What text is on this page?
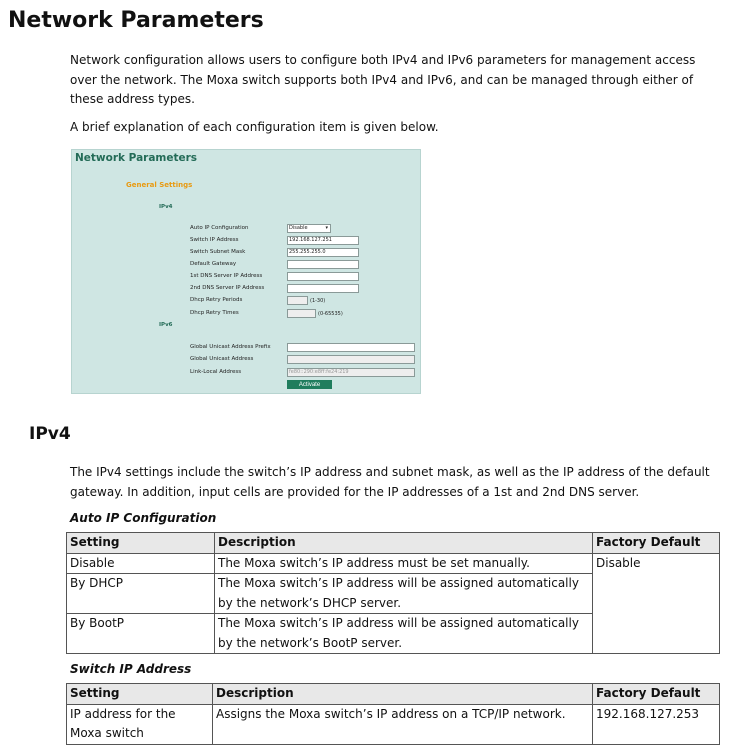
Network Parameters

Network configuration allows users to configure both IPv4 and IPv6 parameters for management access over the network. The Moxa switch supports both IPv4 and IPv6, and can be managed through either of these address types.

A brief explanation of each configuration item is given below.

Network Parameters
General Settings
IPv4
Auto IP Configuration	Disable	▾
Switch IP Address	192.168.127.251
Switch Subnet Mask	255.255.255.0
Default Gateway
1st DNS Server IP Address
2nd DNS Server IP Address
Dhcp Retry Periods	(1-30)
Dhcp Retry Times	(0-65535)
IPv6
Global Unicast Address Prefix
Global Unicast Address
Link-Local Address	fe80::290:e8ff:fe24:219
Activate
IPv4

The IPv4 settings include the switch’s IP address and subnet mask, as well as the IP address of the default gateway. In addition, input cells are provided for the IP addresses of a 1st and 2nd DNS server.

Auto IP Configuration
Setting	Description	Factory Default
Disable	The Moxa switch’s IP address must be set manually.	Disable
By DHCP	The Moxa switch’s IP address will be assigned automatically by the network’s DHCP server.	
By BootP	The Moxa switch’s IP address will be assigned automatically by the network’s BootP server.	
Switch IP Address
Setting	Description	Factory Default
IP address for the Moxa switch	Assigns the Moxa switch’s IP address on a TCP/IP network.	192.168.127.253
